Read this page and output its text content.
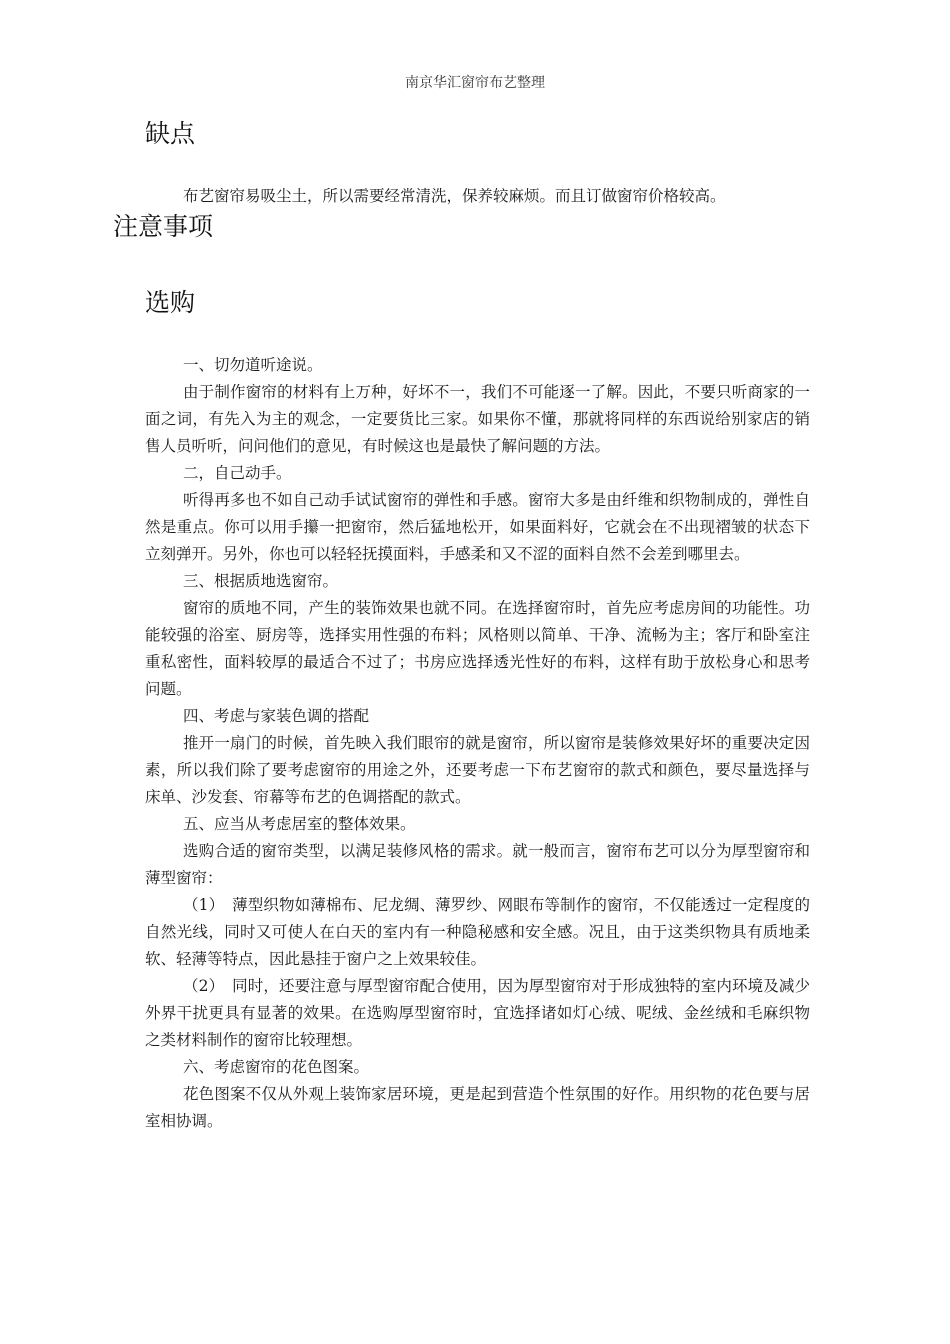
南京华汇窗帘布艺整理
缺点

布艺窗帘易吸尘土，所以需要经常清洗，保养较麻烦。而且订做窗帘价格较高。

注意事项
选购

一、切勿道听途说。

由于制作窗帘的材料有上万种，好坏不一，我们不可能逐一了解。因此，不要只听商家的一面之词，有先入为主的观念，一定要货比三家。如果你不懂，那就将同样的东西说给别家店的销售人员听听，问问他们的意见，有时候这也是最快了解问题的方法。

二，自己动手。

听得再多也不如自己动手试试窗帘的弹性和手感。窗帘大多是由纤维和织物制成的，弹性自然是重点。你可以用手攥一把窗帘，然后猛地松开，如果面料好，它就会在不出现褶皱的状态下立刻弹开。另外，你也可以轻轻抚摸面料，手感柔和又不涩的面料自然不会差到哪里去。

三、根据质地选窗帘。

窗帘的质地不同，产生的装饰效果也就不同。在选择窗帘时，首先应考虑房间的功能性。功能较强的浴室、厨房等，选择实用性强的布料；风格则以简单、干净、流畅为主；客厅和卧室注重私密性，面料较厚的最适合不过了；书房应选择透光性好的布料，这样有助于放松身心和思考问题。

四、考虑与家装色调的搭配

推开一扇门的时候，首先映入我们眼帘的就是窗帘，所以窗帘是装修效果好坏的重要决定因素，所以我们除了要考虑窗帘的用途之外，还要考虑一下布艺窗帘的款式和颜色，要尽量选择与床单、沙发套、帘幕等布艺的色调搭配的款式。

五、应当从考虑居室的整体效果。

选购合适的窗帘类型，以满足装修风格的需求。就一般而言，窗帘布艺可以分为厚型窗帘和薄型窗帘：

（1）　薄型织物如薄棉布、尼龙绸、薄罗纱、网眼布等制作的窗帘，不仅能透过一定程度的自然光线，同时又可使人在白天的室内有一种隐秘感和安全感。况且，由于这类织物具有质地柔软、轻薄等特点，因此悬挂于窗户之上效果较佳。

（2）　同时，还要注意与厚型窗帘配合使用，因为厚型窗帘对于形成独特的室内环境及减少外界干扰更具有显著的效果。在选购厚型窗帘时，宜选择诸如灯心绒、呢绒、金丝绒和毛麻织物之类材料制作的窗帘比较理想。

六、考虑窗帘的花色图案。

花色图案不仅从外观上装饰家居环境，更是起到营造个性氛围的好作。用织物的花色要与居室相协调。
